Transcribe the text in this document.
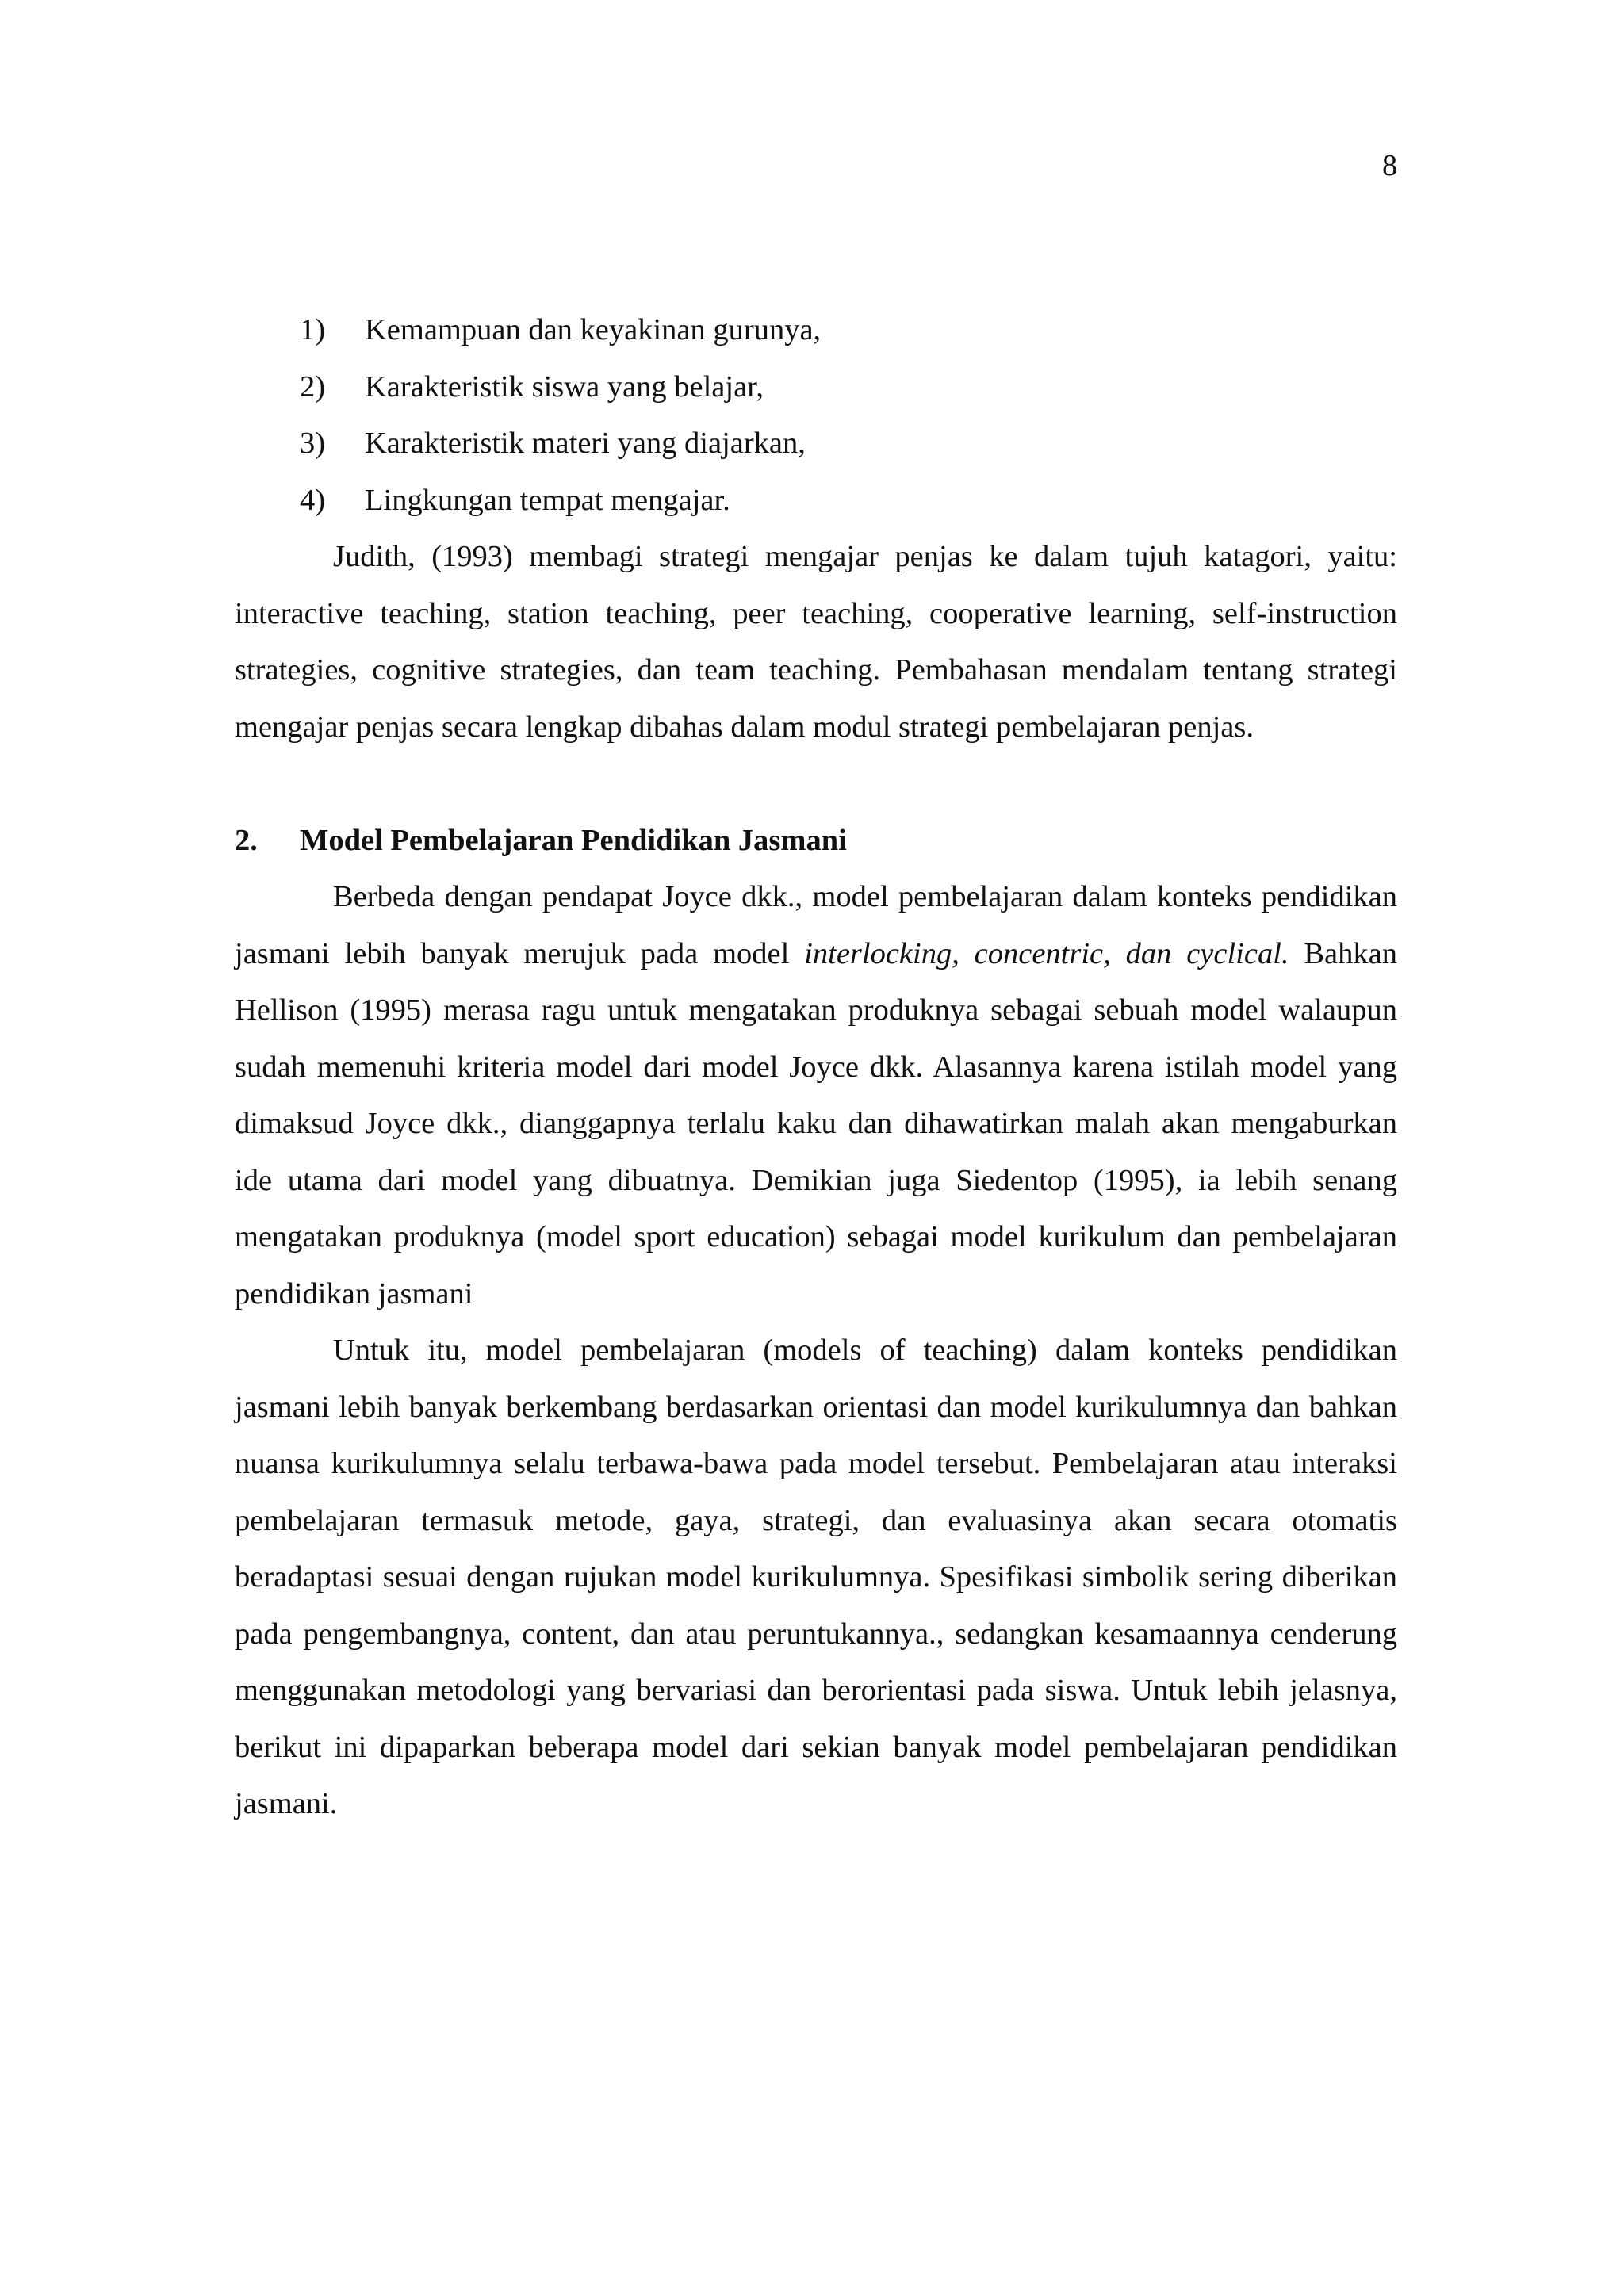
8
1)	Kemampuan dan keyakinan gurunya,
2)	Karakteristik siswa yang belajar,
3)	Karakteristik materi yang diajarkan,
4)	Lingkungan tempat mengajar.

Judith, (1993) membagi strategi mengajar penjas ke dalam tujuh katagori, yaitu: interactive teaching, station teaching, peer teaching, cooperative learning, self-instruction strategies, cognitive strategies, dan team teaching. Pembahasan mendalam tentang strategi mengajar penjas secara lengkap dibahas dalam modul strategi pembelajaran penjas.

2.	Model Pembelajaran Pendidikan Jasmani

Berbeda dengan pendapat Joyce dkk., model pembelajaran dalam konteks pendidikan jasmani lebih banyak merujuk pada model interlocking, concentric, dan cyclical. Bahkan Hellison (1995) merasa ragu untuk mengatakan produknya sebagai sebuah model walaupun sudah memenuhi kriteria model dari model Joyce dkk. Alasannya karena istilah model yang dimaksud Joyce dkk., dianggapnya terlalu kaku dan dihawatirkan malah akan mengaburkan ide utama dari model yang dibuatnya. Demikian juga Siedentop (1995), ia lebih senang mengatakan produknya (model sport education) sebagai model kurikulum dan pembelajaran pendidikan jasmani

Untuk itu, model pembelajaran (models of teaching) dalam konteks pendidikan jasmani lebih banyak berkembang berdasarkan orientasi dan model kurikulumnya dan bahkan nuansa kurikulumnya selalu terbawa-bawa pada model tersebut. Pembelajaran atau interaksi pembelajaran termasuk metode, gaya, strategi, dan evaluasinya akan secara otomatis beradaptasi sesuai dengan rujukan model kurikulumnya. Spesifikasi simbolik sering diberikan pada pengembangnya, content, dan atau peruntukannya., sedangkan kesamaannya cenderung menggunakan metodologi yang bervariasi dan berorientasi pada siswa. Untuk lebih jelasnya, berikut ini dipaparkan beberapa model dari sekian banyak model pembelajaran pendidikan jasmani.
